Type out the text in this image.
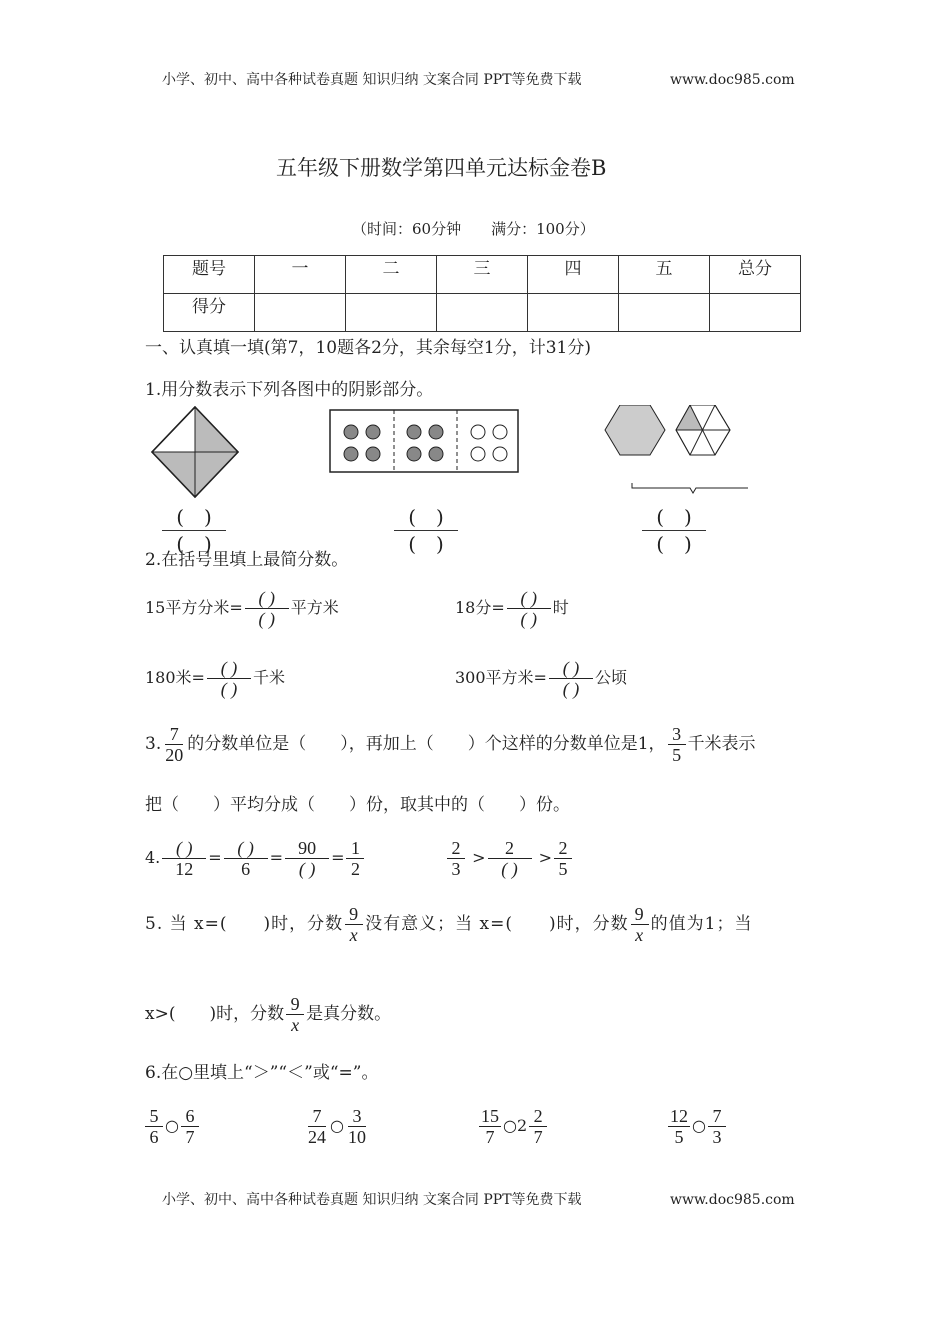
小学、初中、高中各种试卷真题 知识归纳 文案合同 PPT等免费下载	www.doc985.com
五年级下册数学第四单元达标金卷B
（时间：60分钟　　满分：100分）
题号	一	二	三	四	五	总分
得分						
一、认真填一填(第7，10题各2分，其余每空1分，计31分)
1.用分数表示下列各图中的阴影部分。
(  )
(  )
(  )
(  )
(  )
(  )
2.在括号里填上最简分数。
15平方分米= $\frac{( )}{( )}$ 平方米	18分= $\frac{( )}{( )}$ 时
180米= $\frac{( )}{( )}$ 千米	300平方米= $\frac{( )}{( )}$ 公顷
3. $\frac{7}{20}$ 的分数单位是（　　），再加上（　　）个这样的分数单位是1， $\frac{3}{5}$ 千米表示
把（　　）平均分成（　　）份，取其中的（　　）份。
4. $\frac{( )}{12} = \frac{( )}{6} = \frac{90}{( )} = \frac{1}{2}$	$\frac{2}{3} > \frac{2}{( )} > \frac{2}{5}$
5. 当 x=(　　)时，分数 $\frac{9}{x}$ 没有意义；当 x=(　　)时，分数 $\frac{9}{x}$ 的值为1；当
x>(　　)时，分数 $\frac{9}{x}$ 是真分数。
6.在○里填上“＞”“＜”或“=”。
$\frac{5}{6}$ ○ $\frac{6}{7}$	$\frac{7}{24}$ ○ $\frac{3}{10}$	$\frac{15}{7}$ ○2 $\frac{2}{7}$	$\frac{12}{5}$ ○ $\frac{7}{3}$
小学、初中、高中各种试卷真题 知识归纳 文案合同 PPT等免费下载	www.doc985.com
